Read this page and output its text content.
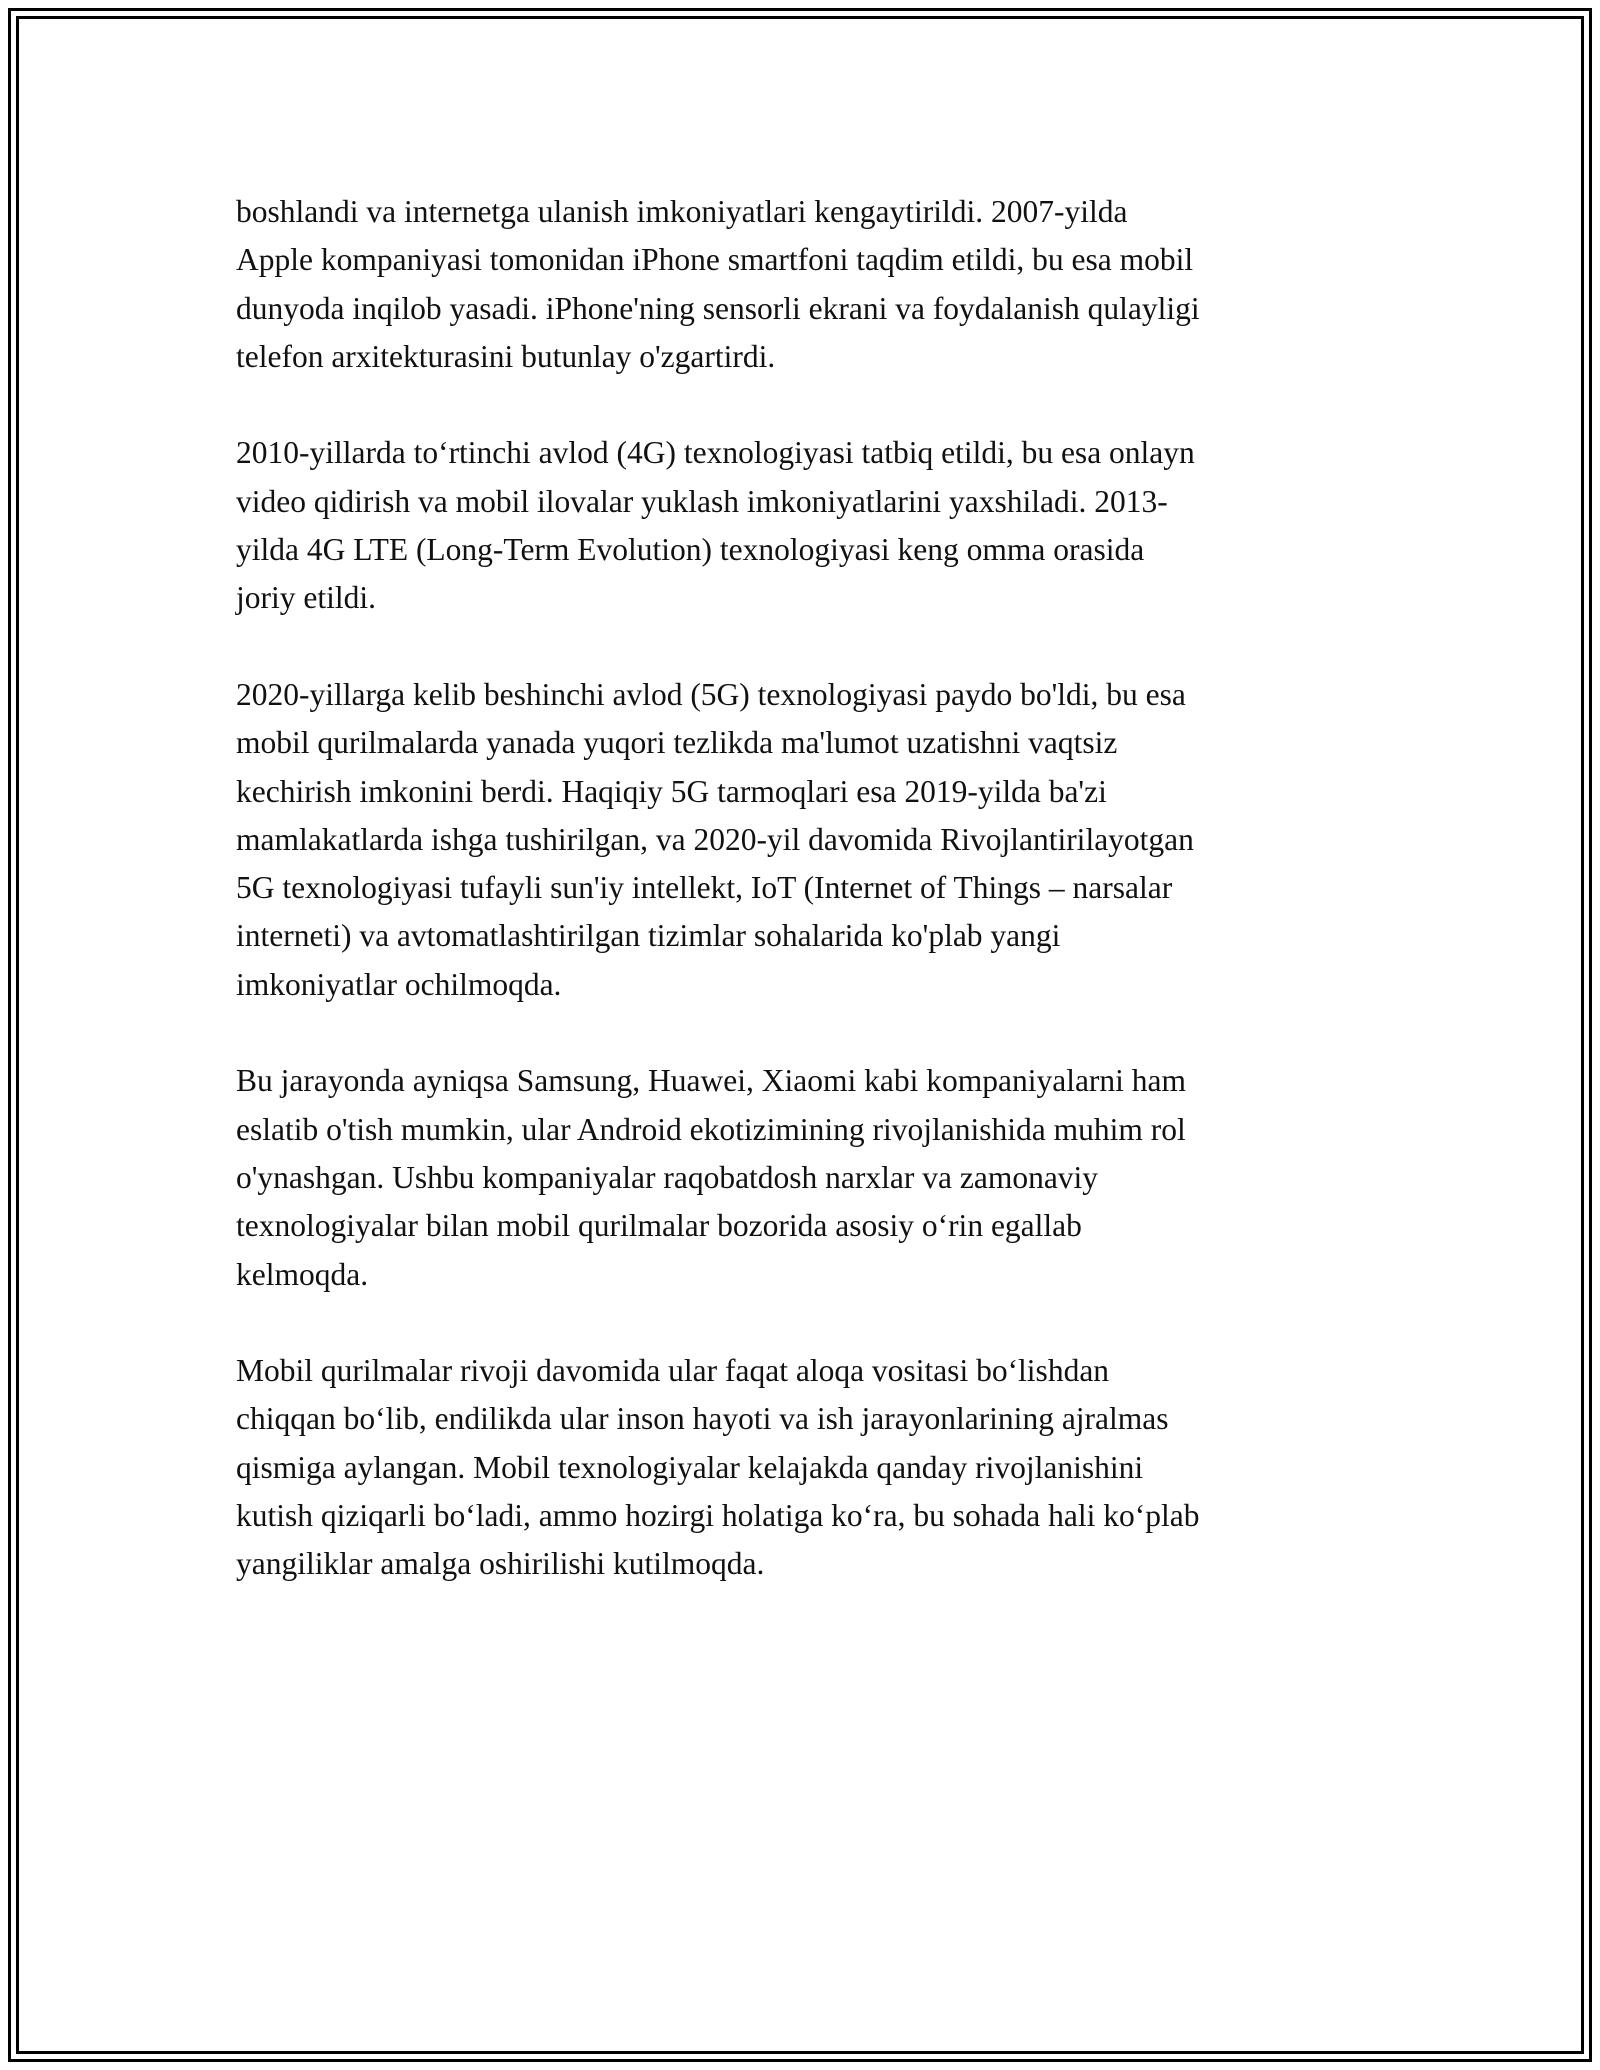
boshlandi va internetga ulanish imkoniyatlari kengaytirildi. 2007-yilda
Apple kompaniyasi tomonidan iPhone smartfoni taqdim etildi, bu esa mobil
dunyoda inqilob yasadi. iPhone'ning sensorli ekrani va foydalanish qulayligi
telefon arxitekturasini butunlay o'zgartirdi.

2010-yillarda to‘rtinchi avlod (4G) texnologiyasi tatbiq etildi, bu esa onlayn
video qidirish va mobil ilovalar yuklash imkoniyatlarini yaxshiladi. 2013-
yilda 4G LTE (Long-Term Evolution) texnologiyasi keng omma orasida
joriy etildi.

2020-yillarga kelib beshinchi avlod (5G) texnologiyasi paydo bo'ldi, bu esa
mobil qurilmalarda yanada yuqori tezlikda ma'lumot uzatishni vaqtsiz
kechirish imkonini berdi. Haqiqiy 5G tarmoqlari esa 2019-yilda ba'zi
mamlakatlarda ishga tushirilgan, va 2020-yil davomida Rivojlantirilayotgan
5G texnologiyasi tufayli sun'iy intellekt, IoT (Internet of Things – narsalar
interneti) va avtomatlashtirilgan tizimlar sohalarida ko'plab yangi
imkoniyatlar ochilmoqda.

Bu jarayonda ayniqsa Samsung, Huawei, Xiaomi kabi kompaniyalarni ham
eslatib o'tish mumkin, ular Android ekotizimining rivojlanishida muhim rol
o'ynashgan. Ushbu kompaniyalar raqobatdosh narxlar va zamonaviy
texnologiyalar bilan mobil qurilmalar bozorida asosiy o‘rin egallab
kelmoqda.

Mobil qurilmalar rivoji davomida ular faqat aloqa vositasi bo‘lishdan
chiqqan bo‘lib, endilikda ular inson hayoti va ish jarayonlarining ajralmas
qismiga aylangan. Mobil texnologiyalar kelajakda qanday rivojlanishini
kutish qiziqarli bo‘ladi, ammo hozirgi holatiga ko‘ra, bu sohada hali ko‘plab
yangiliklar amalga oshirilishi kutilmoqda.
